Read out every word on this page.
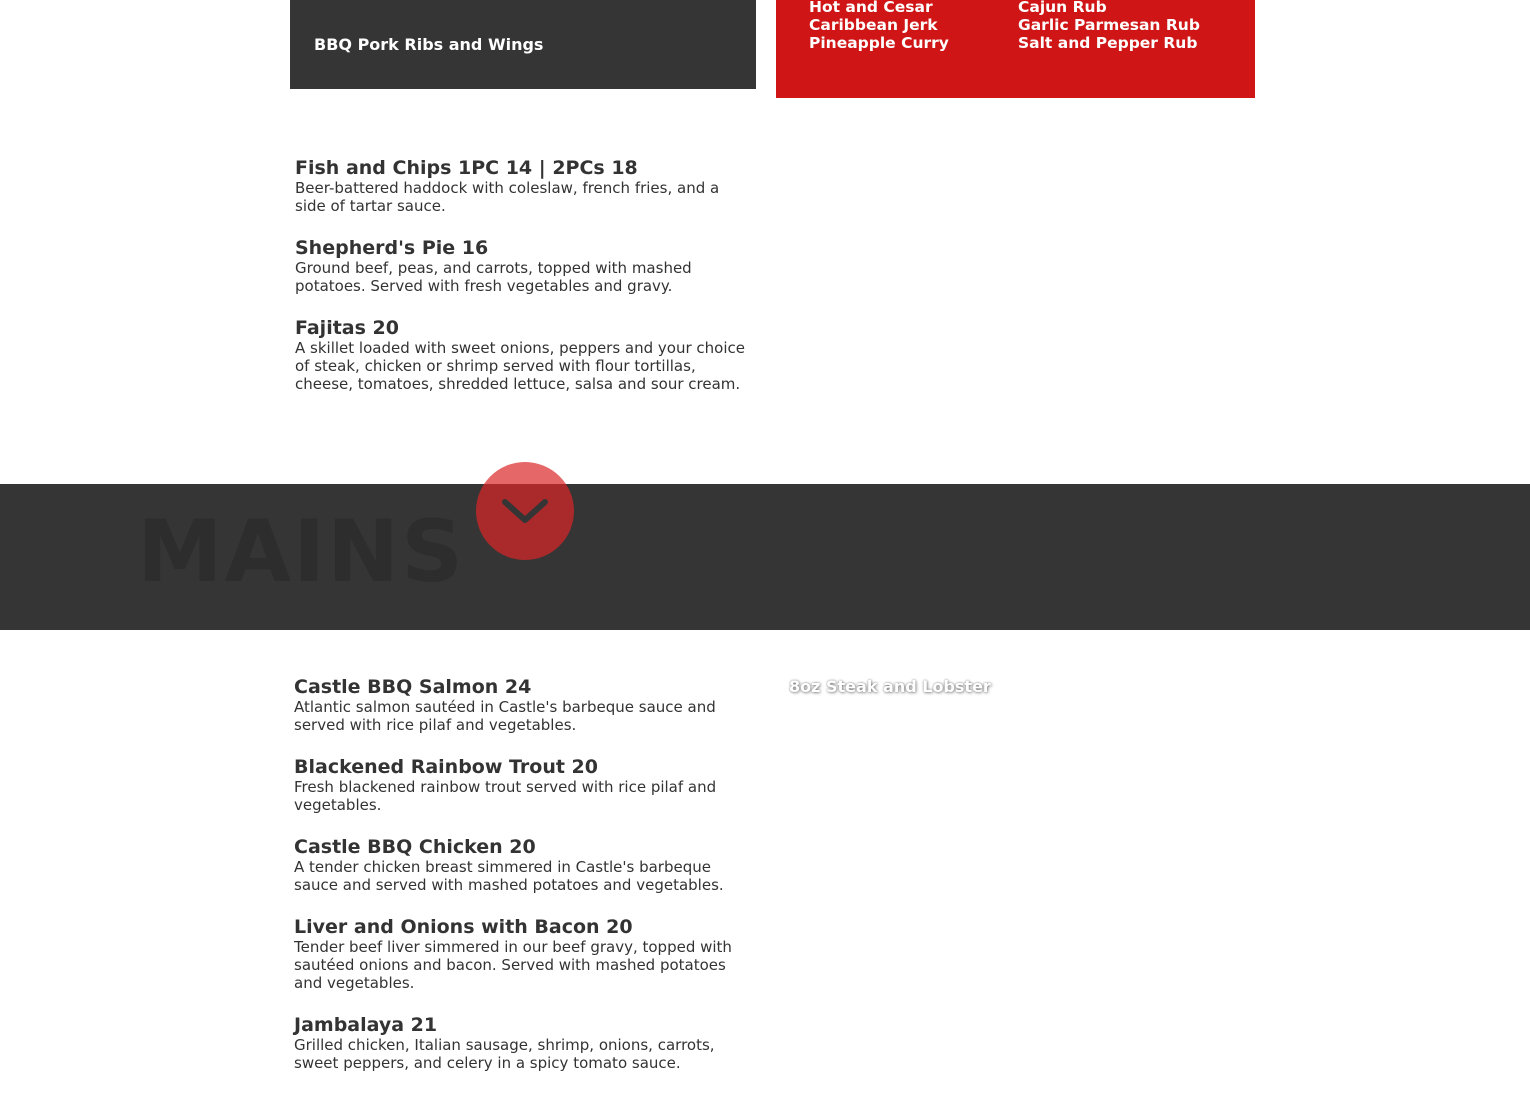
BBQ Pork Ribs and Wings
Hot and Cesar
Caribbean Jerk
Pineapple Curry
Cajun Rub
Garlic Parmesan Rub
Salt and Pepper Rub
Fish and Chips 1PC 14 | 2PCs 18
Beer-battered haddock with coleslaw, french fries, and a side of tartar sauce.
Shepherd's Pie 16
Ground beef, peas, and carrots, topped with mashed potatoes. Served with fresh vegetables and gravy.
Fajitas 20
A skillet loaded with sweet onions, peppers and your choice of steak, chicken or shrimp served with flour tortillas, cheese, tomatoes, shredded lettuce, salsa and sour cream.
MAINS
8oz Steak and Lobster
Castle BBQ Salmon 24
Atlantic salmon sautéed in Castle's barbeque sauce and served with rice pilaf and vegetables.
Blackened Rainbow Trout 20
Fresh blackened rainbow trout served with rice pilaf and vegetables.
Castle BBQ Chicken 20
A tender chicken breast simmered in Castle's barbeque sauce and served with mashed potatoes and vegetables.
Liver and Onions with Bacon 20
Tender beef liver simmered in our beef gravy, topped with sautéed onions and bacon. Served with mashed potatoes and vegetables.
Jambalaya 21
Grilled chicken, Italian sausage, shrimp, onions, carrots, sweet peppers, and celery in a spicy tomato sauce.
